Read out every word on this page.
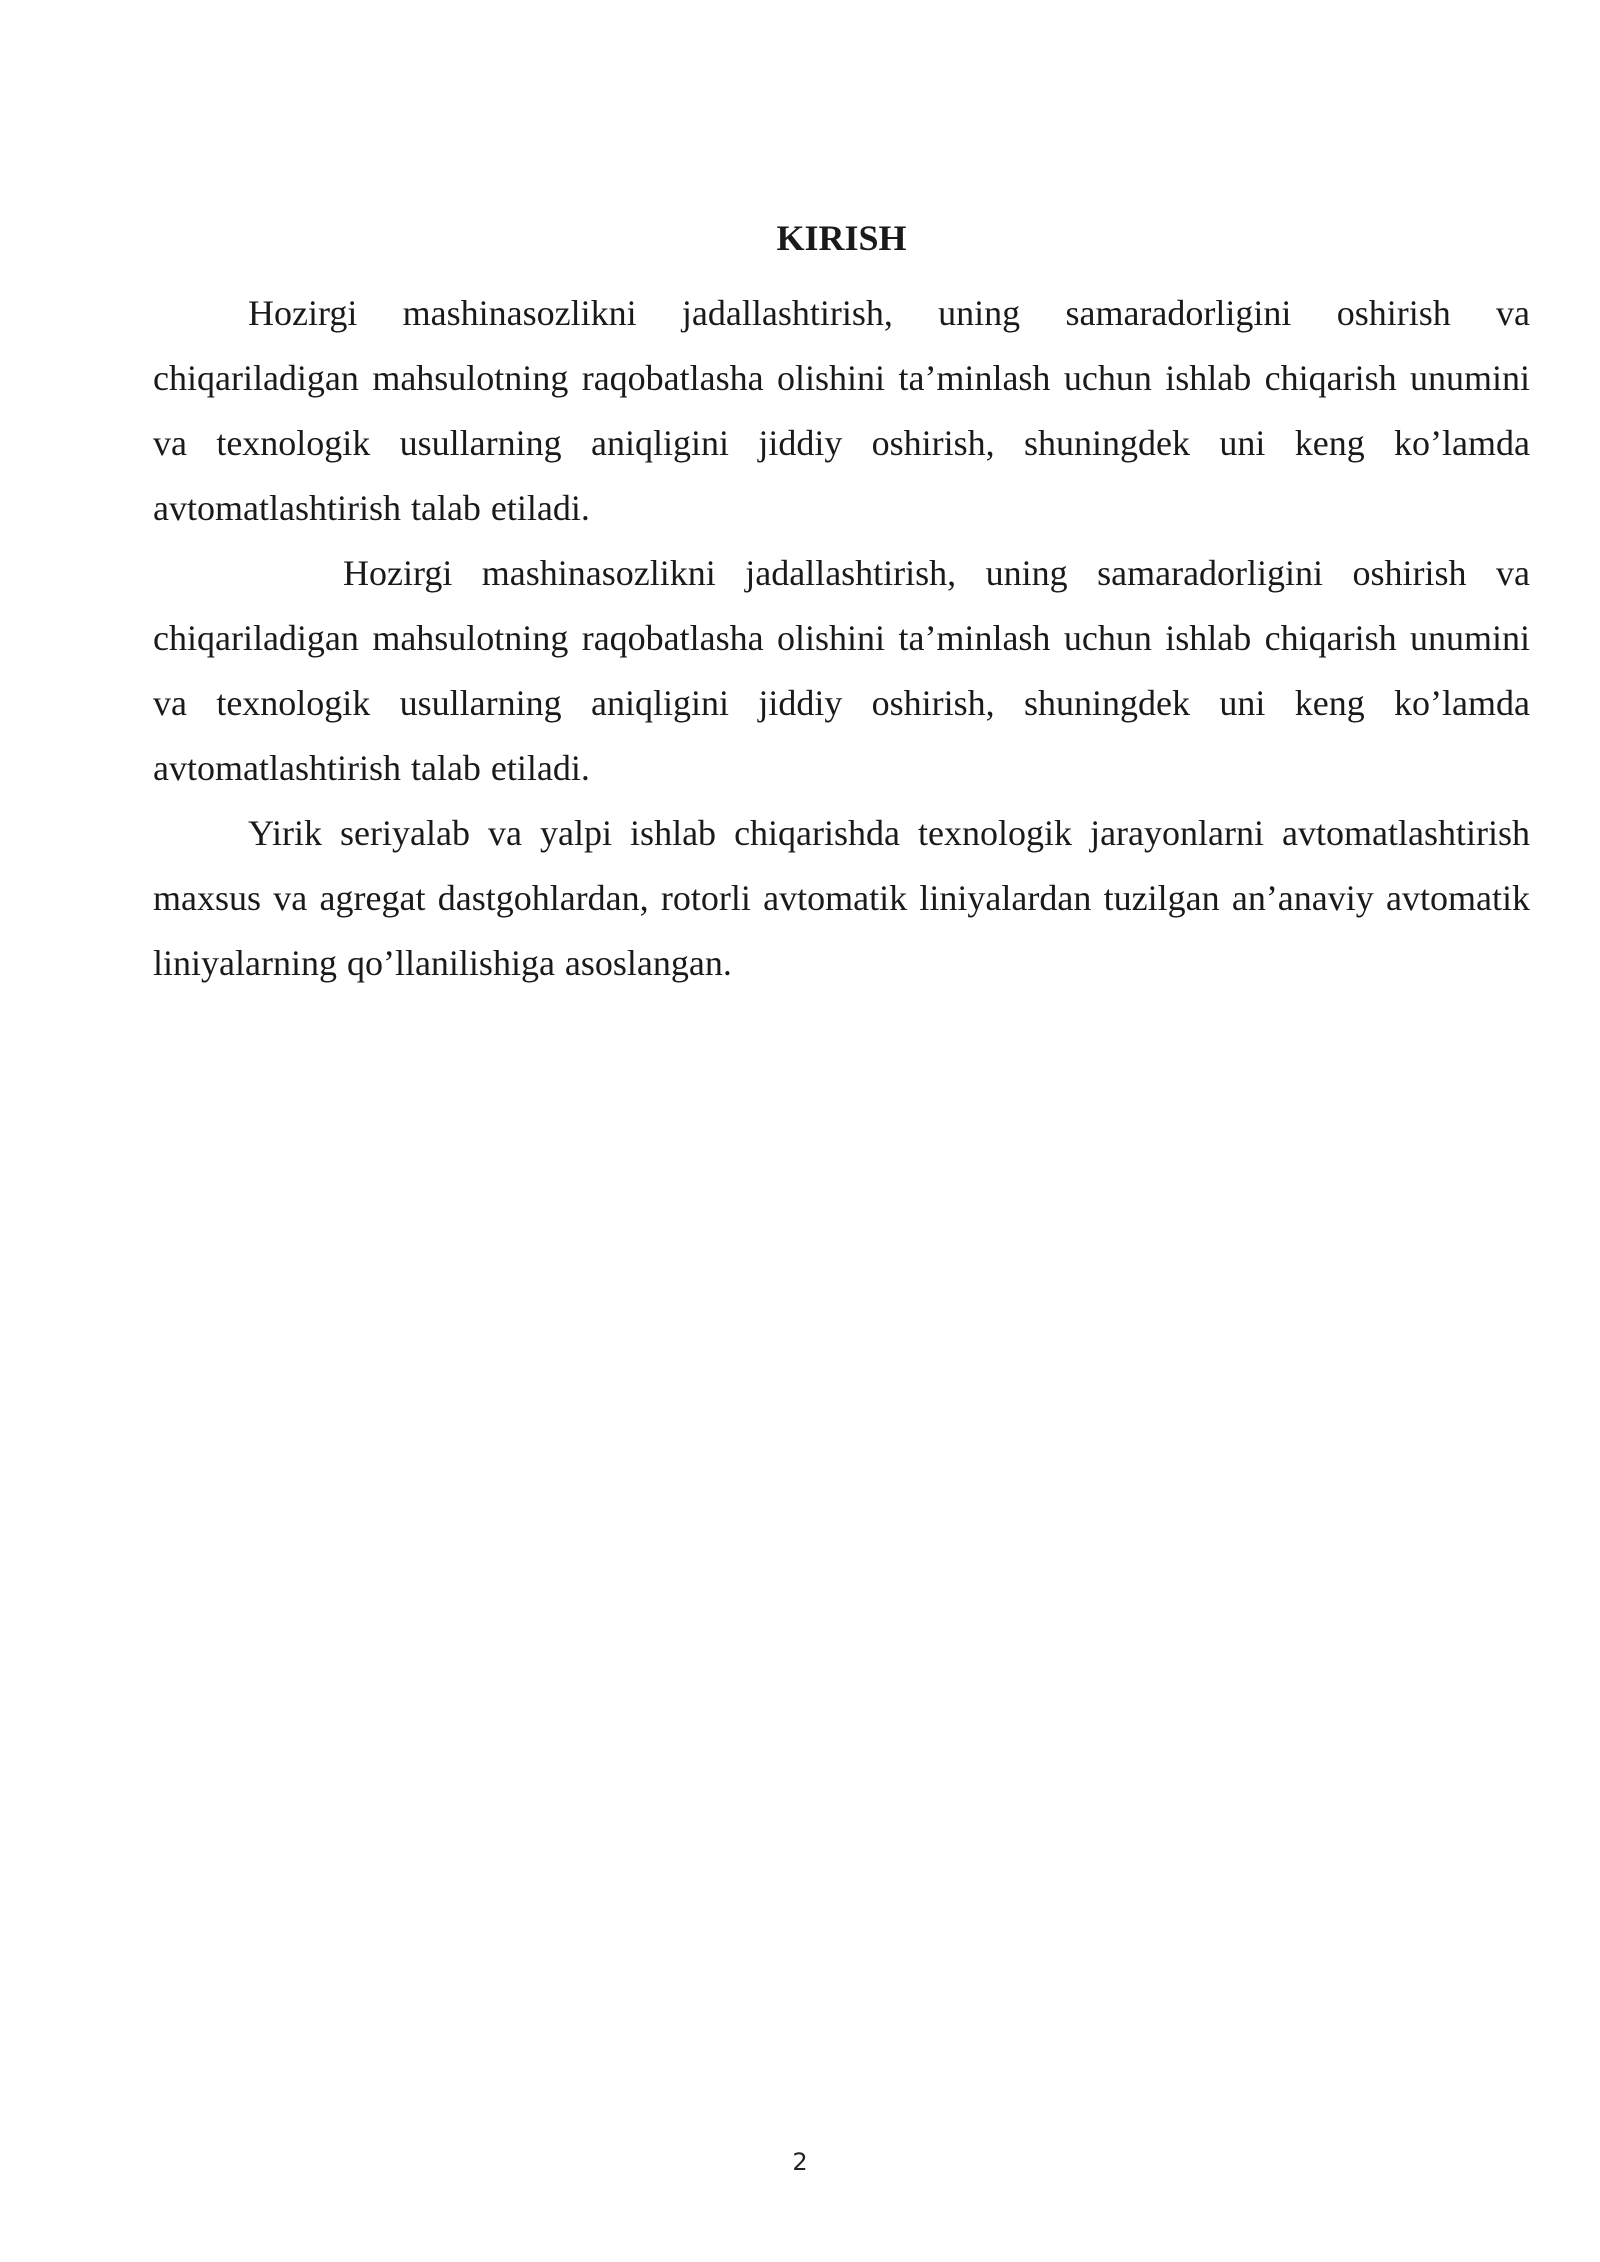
KIRISH

Hozirgi mashinasozlikni jadallashtirish, uning samaradorligini oshirish va chiqariladigan mahsulotning raqobatlasha olishini ta’minlash uchun ishlab chiqarish unumini va texnologik usullarning aniqligini jiddiy oshirish, shuningdek uni keng ko’lamda avtomatlashtirish talab etiladi.

Hozirgi mashinasozlikni jadallashtirish, uning samaradorligini oshirish va chiqariladigan mahsulotning raqobatlasha olishini ta’minlash uchun ishlab chiqarish unumini va texnologik usullarning aniqligini jiddiy oshirish, shuningdek uni keng ko’lamda avtomatlashtirish talab etiladi.

Yirik seriyalab va yalpi ishlab chiqarishda texnologik jarayonlarni avtomatlashtirish maxsus va agregat dastgohlardan, rotorli avtomatik liniyalardan tuzilgan an’anaviy avtomatik liniyalarning qo’llanilishiga asoslangan.

2
